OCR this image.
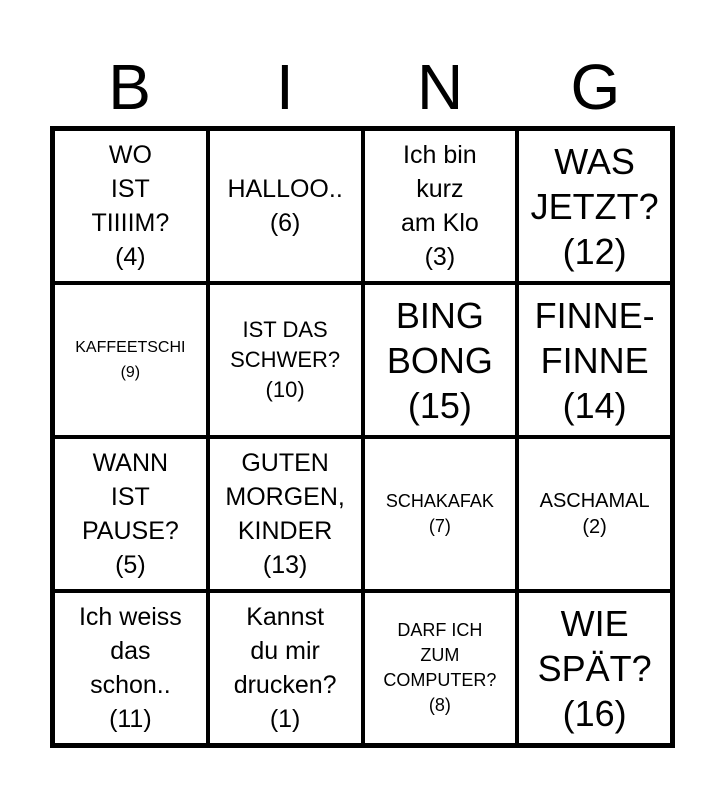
B	I	N	G
WO
IST
TIIIIM?
(4)
HALLOO..
(6)
Ich bin
kurz
am Klo
(3)
WAS
JETZT?
(12)
KAFFEETSCHI
(9)
IST DAS
SCHWER?
(10)
BING
BONG
(15)
FINNE-
FINNE
(14)
WANN
IST
PAUSE?
(5)
GUTEN
MORGEN,
KINDER
(13)
SCHAKAFAK
(7)
ASCHAMAL
(2)
Ich weiss
das
schon..
(11)
Kannst
du mir
drucken?
(1)
DARF ICH
ZUM
COMPUTER?
(8)
WIE
SPÄT?
(16)
